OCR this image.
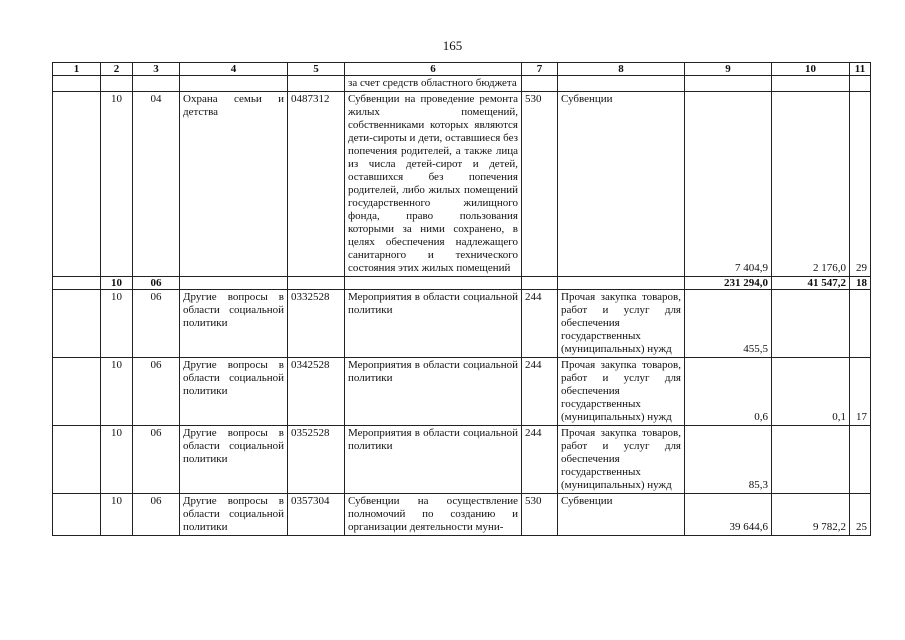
165
1	2	3	4	5	6	7	8	9	10	11
					за счет средств областного бюджета					
	10	04	Охрана семьи и детства	0487312	Субвенции на проведение ремонта жилых помещений, собственниками которых являются дети-сироты и дети, оставшиеся без попечения родителей, а также лица из числа детей-сирот и детей, оставшихся без попечения родителей, либо жилых помещений государственного жилищного фонда, право пользования которыми за ними сохранено, в целях обеспечения надлежащего санитарного и технического состояния этих жилых помещений	530	Субвенции	7 404,9	2 176,0	29
	10	06						231 294,0	41 547,2	18
	10	06	Другие вопросы в области социальной политики	0332528	Мероприятия в области социальной политики	244	Прочая закупка товаров, работ и услуг для обеспечения государственных (муниципальных) нужд	455,5		
	10	06	Другие вопросы в области социальной политики	0342528	Мероприятия в области социальной политики	244	Прочая закупка товаров, работ и услуг для обеспечения государственных (муниципальных) нужд	0,6	0,1	17
	10	06	Другие вопросы в области социальной политики	0352528	Мероприятия в области социальной политики	244	Прочая закупка товаров, работ и услуг для обеспечения государственных (муниципальных) нужд	85,3		
	10	06	Другие вопросы в области социальной политики	0357304	Субвенции на осуществление полномочий по созданию и организации деятельности муни-	530	Субвенции	39 644,6	9 782,2	25
